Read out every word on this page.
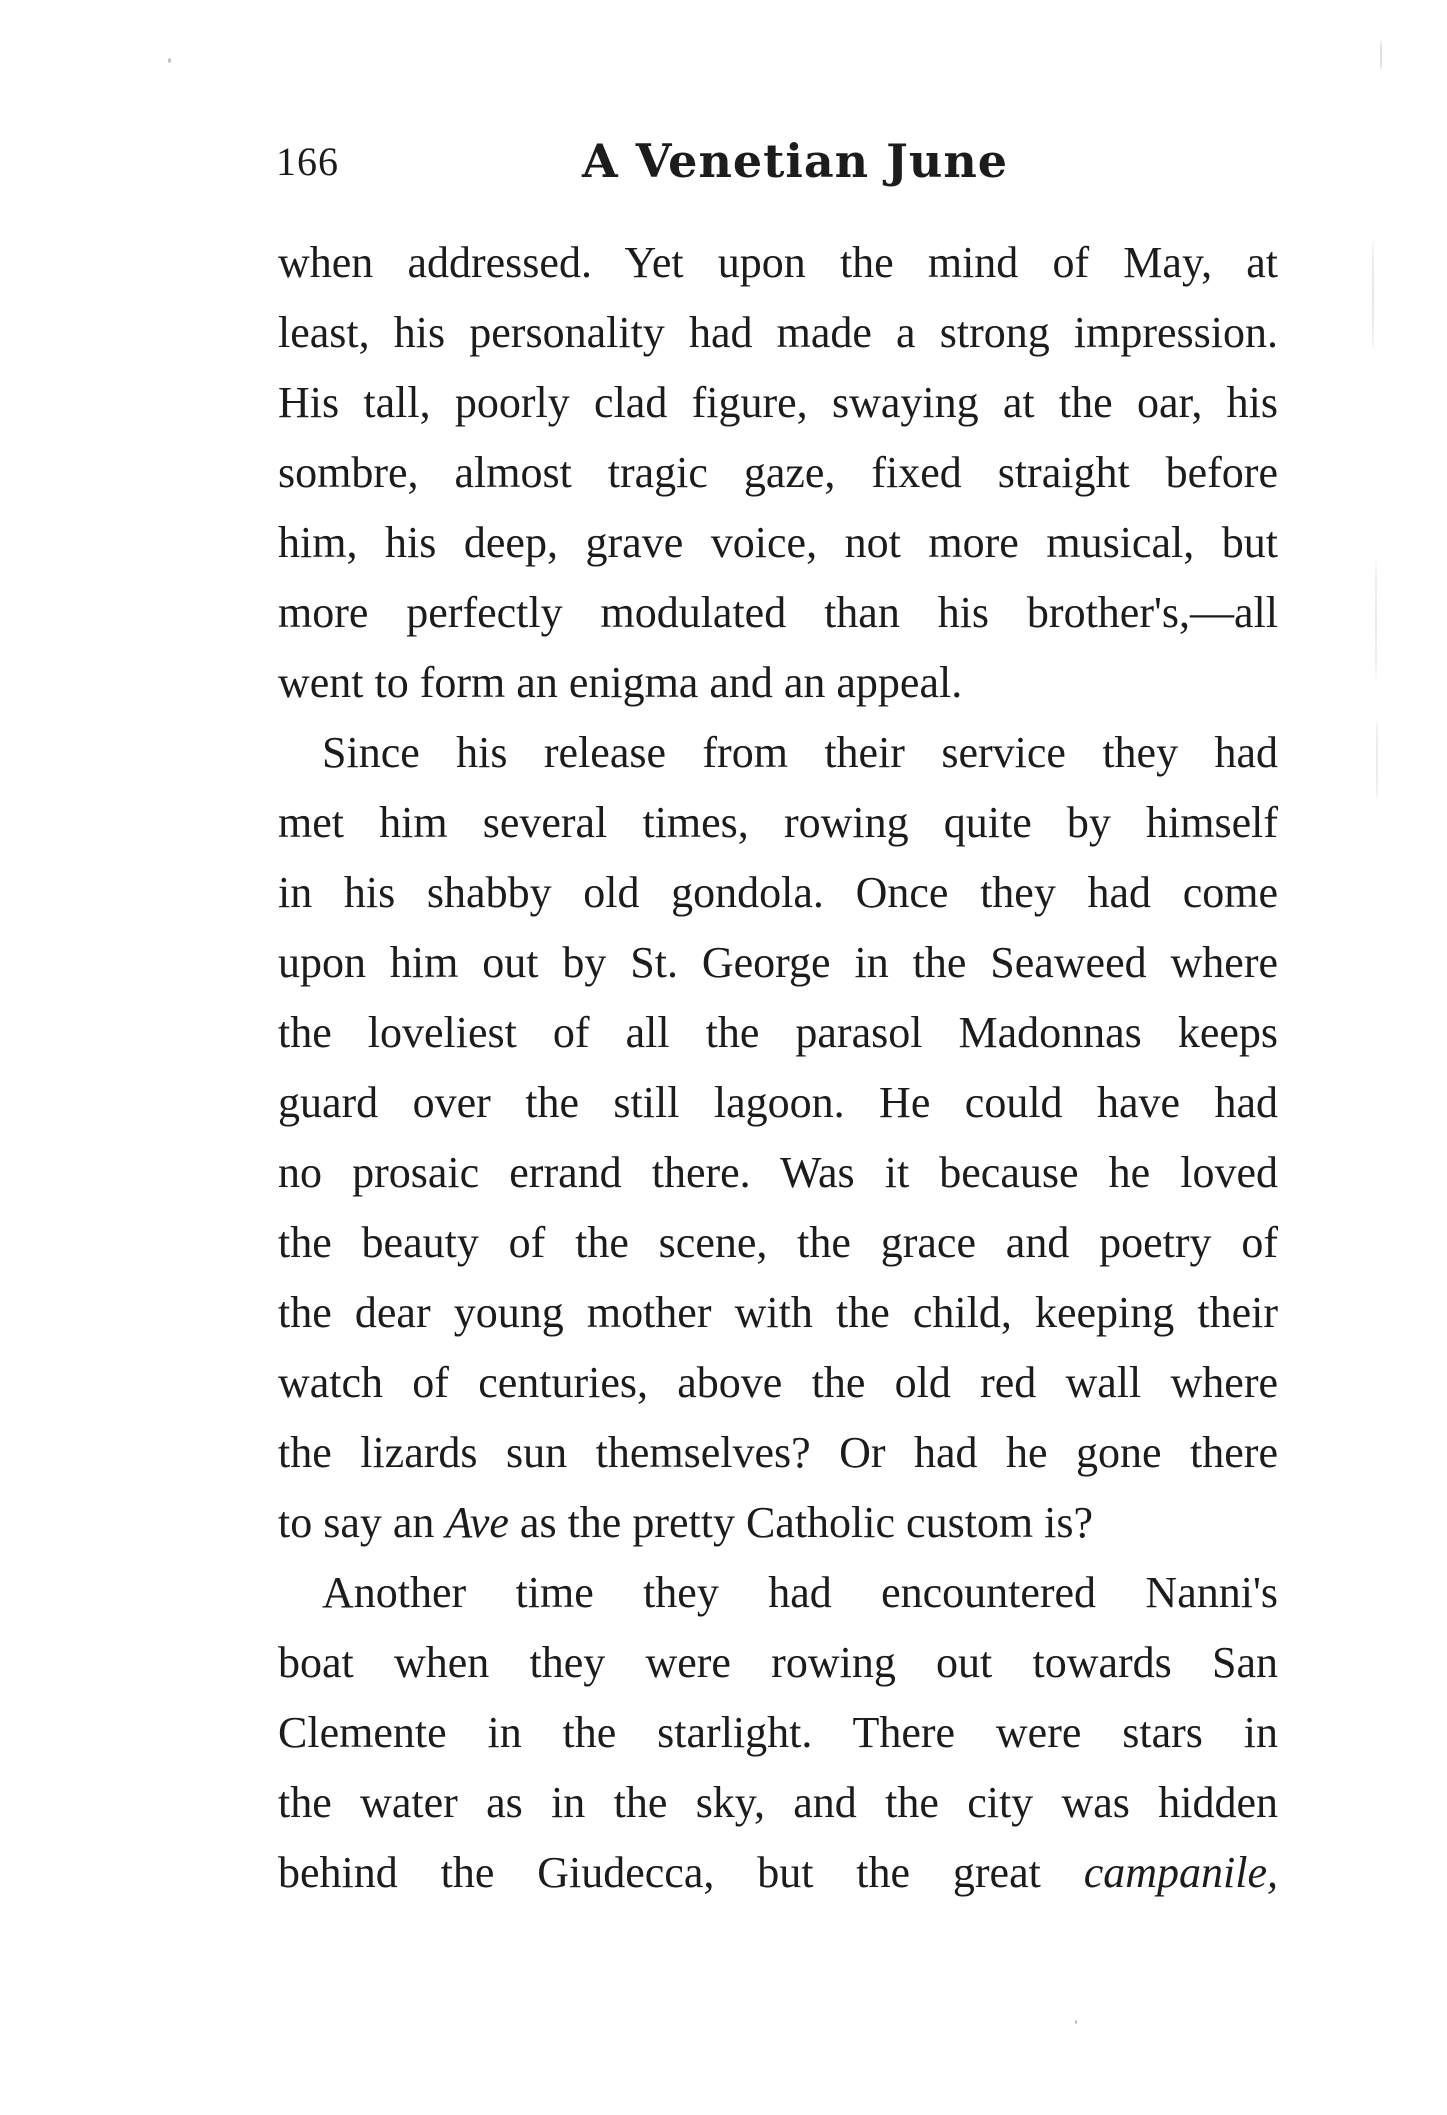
166	A Venetian June
when addressed. Yet upon the mind of May, at
least, his personality had made a strong impression.
His tall, poorly clad figure, swaying at the oar, his
sombre, almost tragic gaze, fixed straight before
him, his deep, grave voice, not more musical, but
more perfectly modulated than his brother's,—all
went to form an enigma and an appeal.
Since his release from their service they had
met him several times, rowing quite by himself
in his shabby old gondola. Once they had come
upon him out by St. George in the Seaweed where
the loveliest of all the parasol Madonnas keeps
guard over the still lagoon. He could have had
no prosaic errand there. Was it because he loved
the beauty of the scene, the grace and poetry of
the dear young mother with the child, keeping their
watch of centuries, above the old red wall where
the lizards sun themselves? Or had he gone there
to say an Ave as the pretty Catholic custom is?
Another time they had encountered Nanni's
boat when they were rowing out towards San
Clemente in the starlight. There were stars in
the water as in the sky, and the city was hidden
behind the Giudecca, but the great campanile,
